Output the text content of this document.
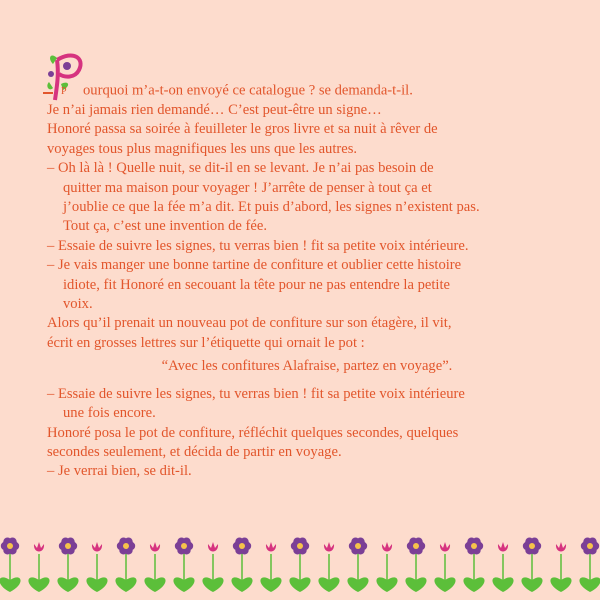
P ourquoi m’a-t-on envoyé ce catalogue ? se demanda-t-il.
Je n’ai jamais rien demandé… C’est peut-être un signe…
Honoré passa sa soirée à feuilleter le gros livre et sa nuit à rêver de
voyages tous plus magnifiques les uns que les autres.
– Oh là là ! Quelle nuit, se dit-il en se levant. Je n’ai pas besoin de
quitter ma maison pour voyager ! J’arrête de penser à tout ça et
j’oublie ce que la fée m’a dit. Et puis d’abord, les signes n’existent pas.
Tout ça, c’est une invention de fée.
– Essaie de suivre les signes, tu verras bien ! fit sa petite voix intérieure.
– Je vais manger une bonne tartine de confiture et oublier cette histoire
idiote, fit Honoré en secouant la tête pour ne pas entendre la petite
voix.
Alors qu’il prenait un nouveau pot de confiture sur son étagère, il vit,
écrit en grosses lettres sur l’étiquette qui ornait le pot :
“Avec les confitures Alafraise, partez en voyage”.
– Essaie de suivre les signes, tu verras bien ! fit sa petite voix intérieure
une fois encore.
Honoré posa le pot de confiture, réfléchit quelques secondes, quelques
secondes seulement, et décida de partir en voyage.
– Je verrai bien, se dit-il.
